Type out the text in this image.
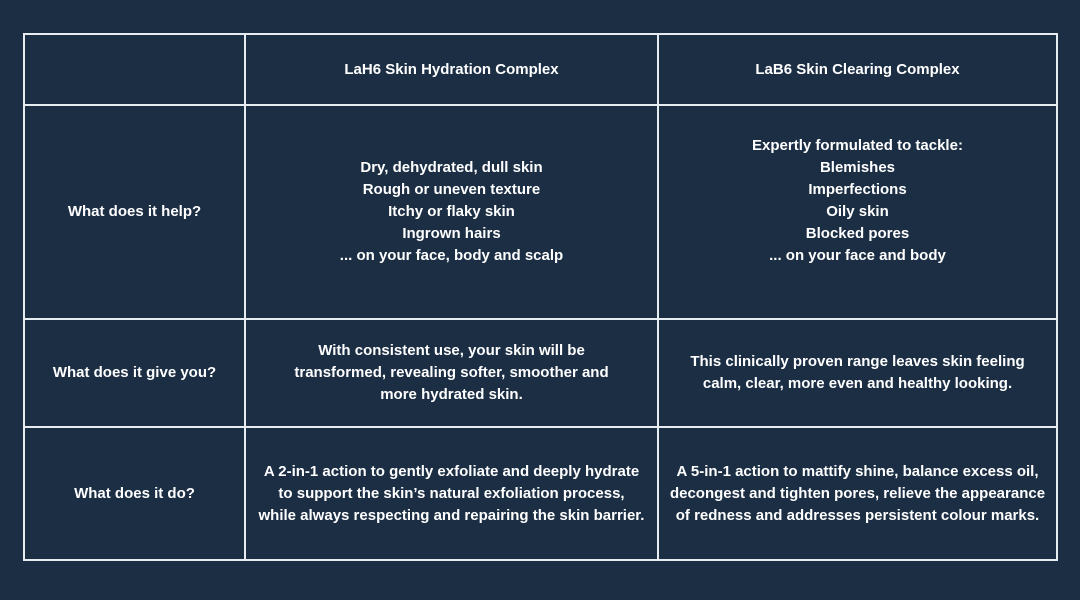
LaH6 Skin Hydration Complex	LaB6 Skin Clearing Complex
What does it help?
Dry, dehydrated, dull skin
Rough or uneven texture
Itchy or flaky skin
Ingrown hairs
... on your face, body and scalp
Expertly formulated to tackle:
Blemishes
Imperfections
Oily skin
Blocked pores
... on your face and body
What does it give you?
With consistent use, your skin will be transformed, revealing softer, smoother and more hydrated skin.
This clinically proven range leaves skin feeling calm, clear, more even and healthy looking.
What does it do?
A 2-in-1 action to gently exfoliate and deeply hydrate to support the skin’s natural exfoliation process, while always respecting and repairing the skin barrier.
A 5-in-1 action to mattify shine, balance excess oil, decongest and tighten pores, relieve the appearance of redness and addresses persistent colour marks.
